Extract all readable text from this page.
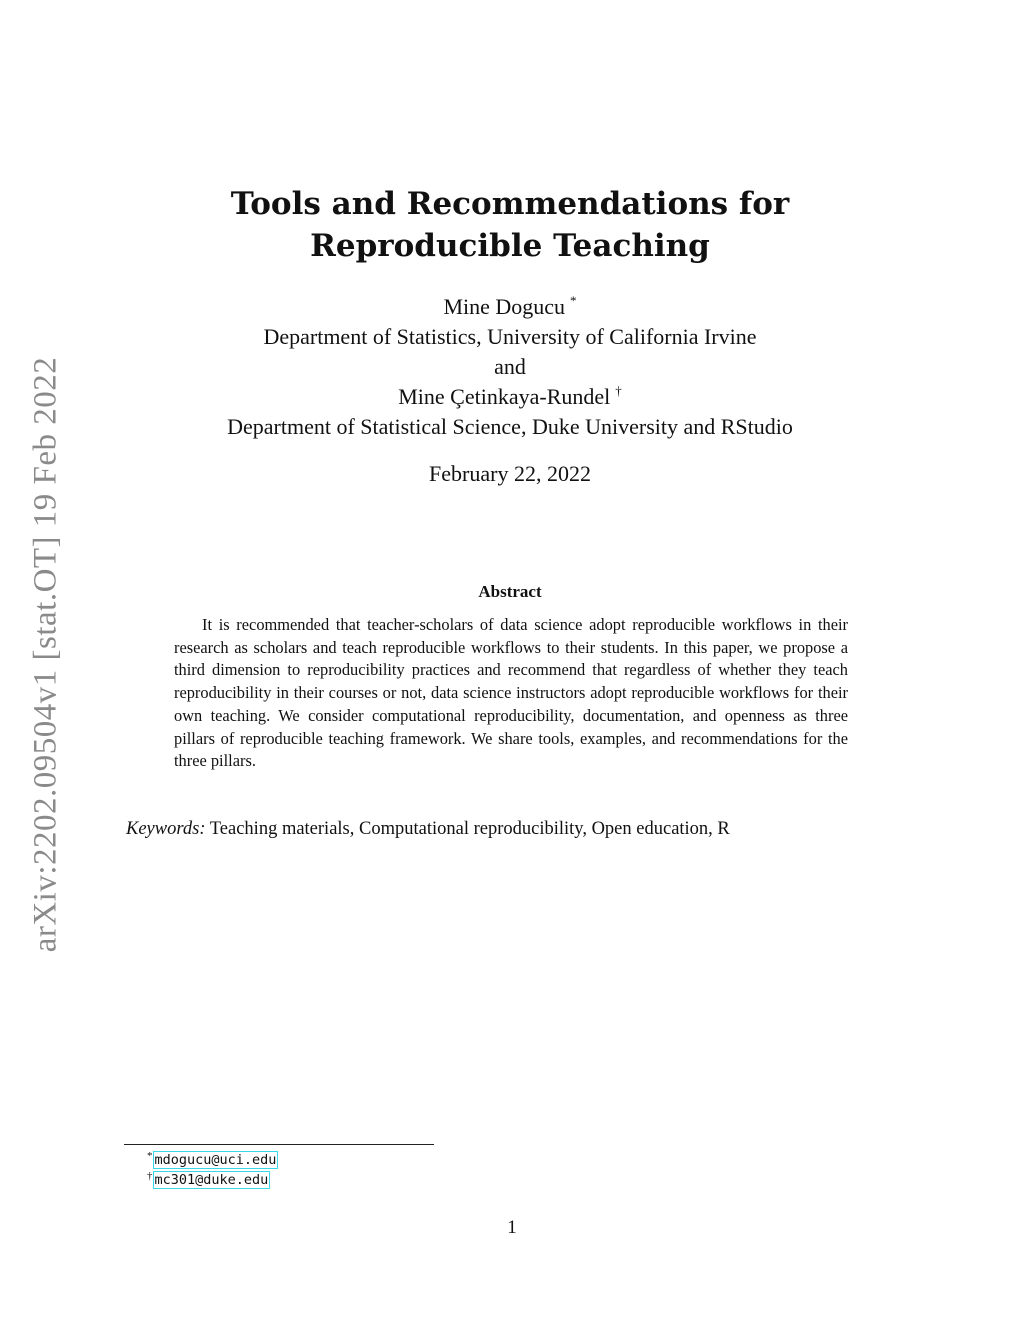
arXiv:2202.09504v1 [stat.OT] 19 Feb 2022
Tools and Recommendations for
Reproducible Teaching
Mine Dogucu *
Department of Statistics, University of California Irvine
and
Mine Çetinkaya-Rundel †
Department of Statistical Science, Duke University and RStudio
February 22, 2022
Abstract

It is recommended that teacher-scholars of data science adopt reproducible workflows in their research as scholars and teach reproducible workflows to their students. In this paper, we propose a third dimension to reproducibility practices and recommend that regardless of whether they teach reproducibility in their courses or not, data science instructors adopt reproducible workflows for their own teaching. We consider computational reproducibility, documentation, and openness as three pillars of reproducible teaching framework. We share tools, examples, and recommendations for the three pillars.

Keywords: Teaching materials, Computational reproducibility, Open education, R
* mdogucu@uci.edu
† mc301@duke.edu
1
